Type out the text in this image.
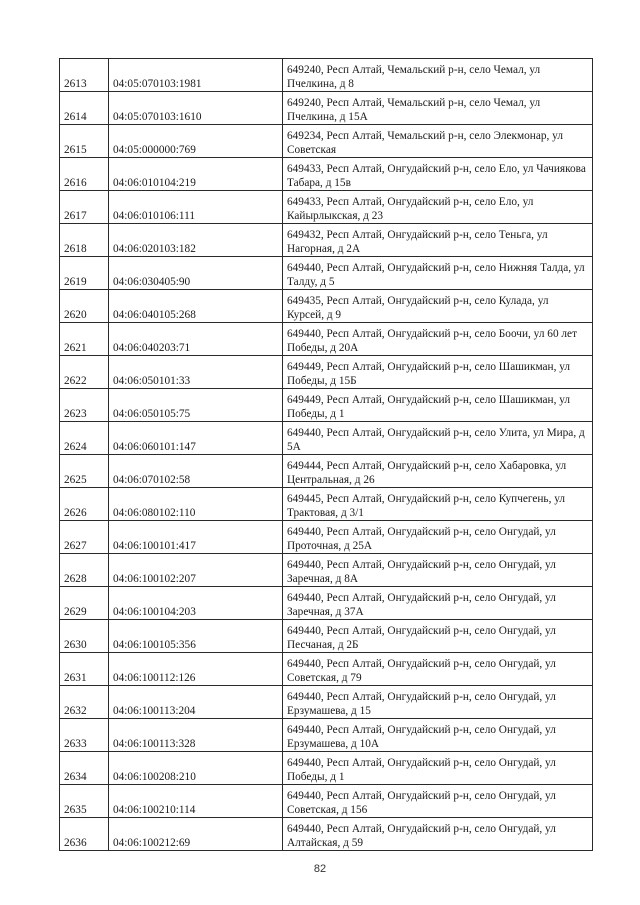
2613	04:05:070103:1981	649240, Респ Алтай, Чемальский р-н, село Чемал, ул Пчелкина, д 8
2614	04:05:070103:1610	649240, Респ Алтай, Чемальский р-н, село Чемал, ул Пчелкина, д 15А
2615	04:05:000000:769	649234, Респ Алтай, Чемальский р-н, село Элекмонар, ул Советская
2616	04:06:010104:219	649433, Респ Алтай, Онгудайский р-н, село Ело, ул Чачиякова Табара, д 15в
2617	04:06:010106:111	649433, Респ Алтай, Онгудайский р-н, село Ело, ул Кайырлыкская, д 23
2618	04:06:020103:182	649432, Респ Алтай, Онгудайский р-н, село Теньга, ул Нагорная, д 2А
2619	04:06:030405:90	649440, Респ Алтай, Онгудайский р-н, село Нижняя Талда, ул Талду, д 5
2620	04:06:040105:268	649435, Респ Алтай, Онгудайский р-н, село Кулада, ул Курсей, д 9
2621	04:06:040203:71	649440, Респ Алтай, Онгудайский р-н, село Боочи, ул 60 лет Победы, д 20А
2622	04:06:050101:33	649449, Респ Алтай, Онгудайский р-н, село Шашикман, ул Победы, д 15Б
2623	04:06:050105:75	649449, Респ Алтай, Онгудайский р-н, село Шашикман, ул Победы, д 1
2624	04:06:060101:147	649440, Респ Алтай, Онгудайский р-н, село Улита, ул Мира, д 5А
2625	04:06:070102:58	649444, Респ Алтай, Онгудайский р-н, село Хабаровка, ул Центральная, д 26
2626	04:06:080102:110	649445, Респ Алтай, Онгудайский р-н, село Купчегень, ул Трактовая, д 3/1
2627	04:06:100101:417	649440, Респ Алтай, Онгудайский р-н, село Онгудай, ул Проточная, д 25А
2628	04:06:100102:207	649440, Респ Алтай, Онгудайский р-н, село Онгудай, ул Заречная, д 8А
2629	04:06:100104:203	649440, Респ Алтай, Онгудайский р-н, село Онгудай, ул Заречная, д 37А
2630	04:06:100105:356	649440, Респ Алтай, Онгудайский р-н, село Онгудай, ул Песчаная, д 2Б
2631	04:06:100112:126	649440, Респ Алтай, Онгудайский р-н, село Онгудай, ул Советская, д 79
2632	04:06:100113:204	649440, Респ Алтай, Онгудайский р-н, село Онгудай, ул Ерзумашева, д 15
2633	04:06:100113:328	649440, Респ Алтай, Онгудайский р-н, село Онгудай, ул Ерзумашева, д 10А
2634	04:06:100208:210	649440, Респ Алтай, Онгудайский р-н, село Онгудай, ул Победы, д 1
2635	04:06:100210:114	649440, Респ Алтай, Онгудайский р-н, село Онгудай, ул Советская, д 156
2636	04:06:100212:69	649440, Респ Алтай, Онгудайский р-н, село Онгудай, ул Алтайская, д 59
82
